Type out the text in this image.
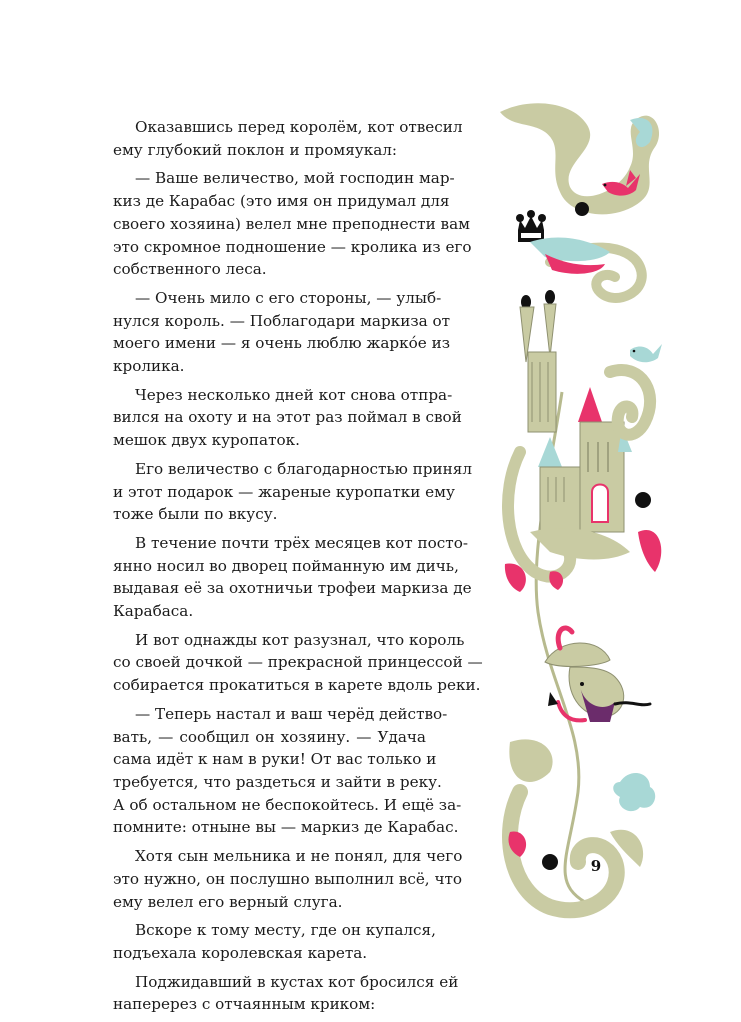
Оказавшись перед королём, кот отвесил
ему глубокий поклон и промяукал:
— Ваше величество, мой господин мар-
киз де Карабас (это имя он придумал для
своего хозяина) велел мне преподнести вам
это скромное подношение — кролика из его
собственного леса.
— Очень мило с его стороны, — улыб-
нулся король. — Поблагодари маркиза от
моего имени — я очень люблю жаркóе из
кролика.
Через несколько дней кот снова отпра-
вился на охоту и на этот раз поймал в свой
мешок двух куропаток.
Его величество с благодарностью принял
и этот подарок — жареные куропатки ему
тоже были по вкусу.
В течение почти трёх месяцев кот посто-
янно носил во дворец пойманную им дичь,
выдавая её за охотничьи трофеи маркиза де
Карабаса.
И вот однажды кот разузнал, что король
со своей дочкой — прекрасной принцессой —
собирается прокатиться в карете вдоль реки.
— Теперь настал и ваш черёд действо-
вать, — сообщил он хозяину. — Удача
сама идёт к нам в руки! От вас только и
требуется, что раздеться и зайти в реку.
А об остальном не беспокойтесь. И ещё за-
помните: отныне вы — маркиз де Карабас.
Хотя сын мельника и не понял, для чего
это нужно, он послушно выполнил всё, что
ему велел его верный слуга.
Вскоре к тому месту, где он купался,
подъехала королевская карета.
Поджидавший в кустах кот бросился ей
наперерез с отчаянным криком:
9
